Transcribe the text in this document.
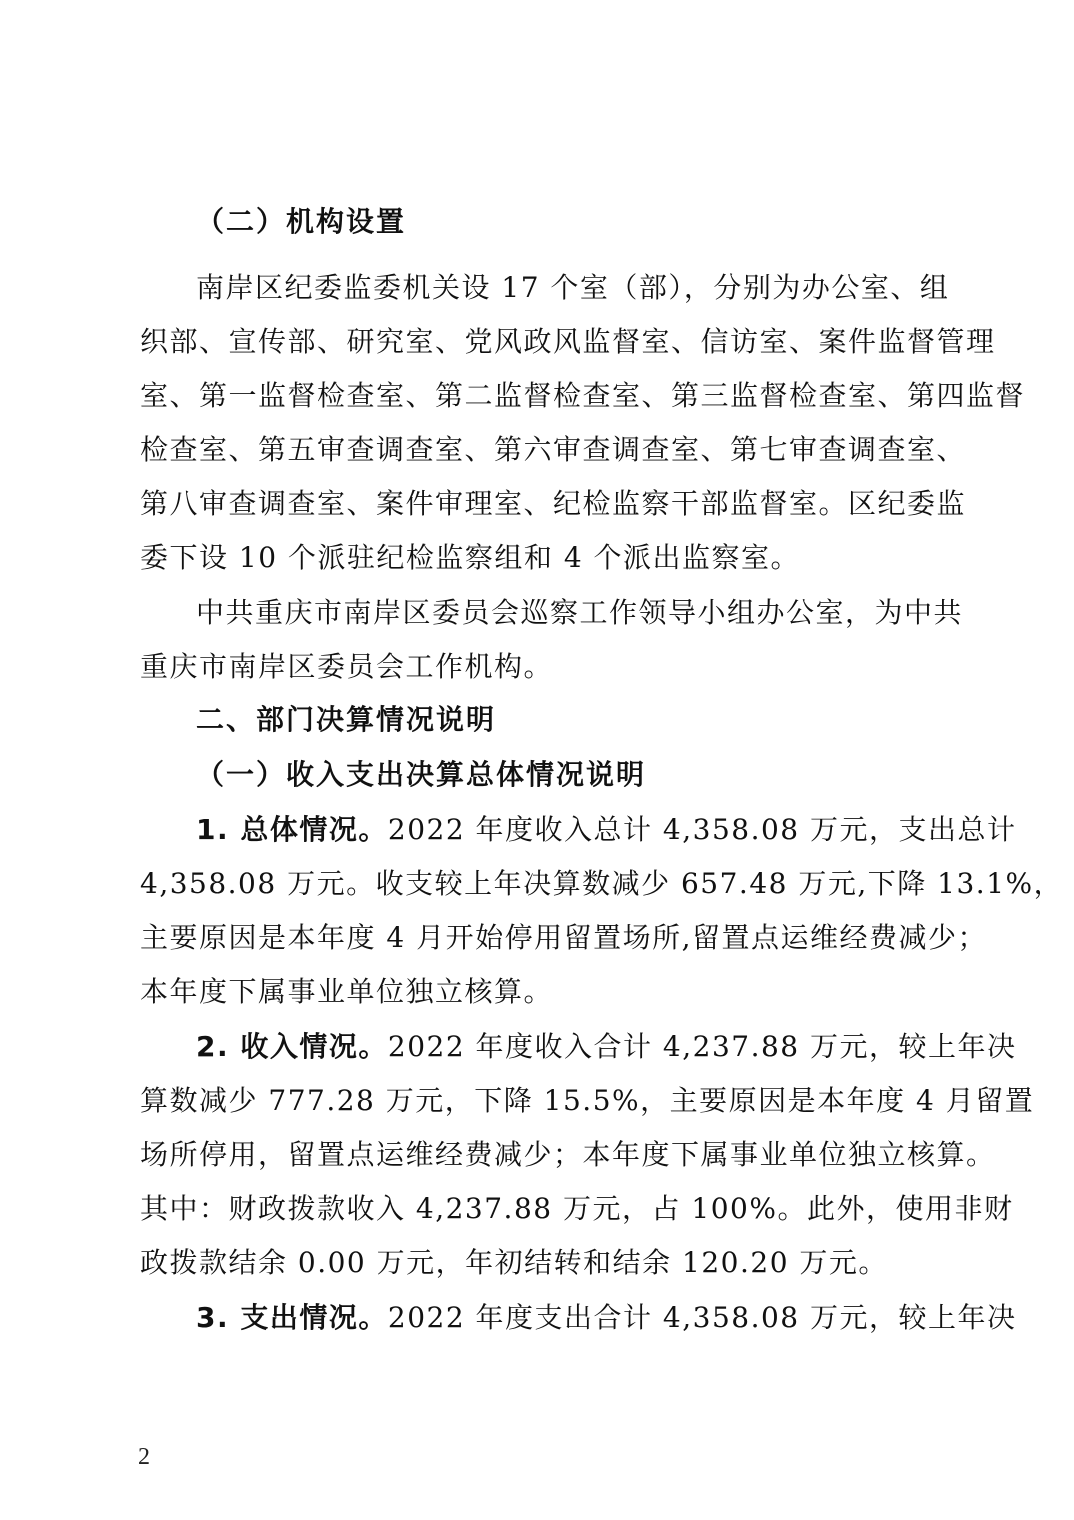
（二）机构设置
南岸区纪委监委机关设 17 个室（部），分别为办公室、组
织部、宣传部、研究室、党风政风监督室、信访室、案件监督管理
室、第一监督检查室、第二监督检查室、第三监督检查室、第四监督
检查室、第五审查调查室、第六审查调查室、第七审查调查室、
第八审查调查室、案件审理室、纪检监察干部监督室。区纪委监
委下设 10 个派驻纪检监察组和 4 个派出监察室。
中共重庆市南岸区委员会巡察工作领导小组办公室，为中共
重庆市南岸区委员会工作机构。
二、部门决算情况说明
（一）收入支出决算总体情况说明
1. 总体情况。2022 年度收入总计 4,358.08 万元，支出总计
4,358.08 万元。收支较上年决算数减少 657.48 万元,下降 13.1%，
主要原因是本年度 4 月开始停用留置场所,留置点运维经费减少；
本年度下属事业单位独立核算。
2. 收入情况。2022 年度收入合计 4,237.88 万元，较上年决
算数减少 777.28 万元，下降 15.5%，主要原因是本年度 4 月留置
场所停用，留置点运维经费减少；本年度下属事业单位独立核算。
其中：财政拨款收入 4,237.88 万元，占 100%。此外，使用非财
政拨款结余 0.00 万元，年初结转和结余 120.20 万元。
3. 支出情况。2022 年度支出合计 4,358.08 万元，较上年决
2
